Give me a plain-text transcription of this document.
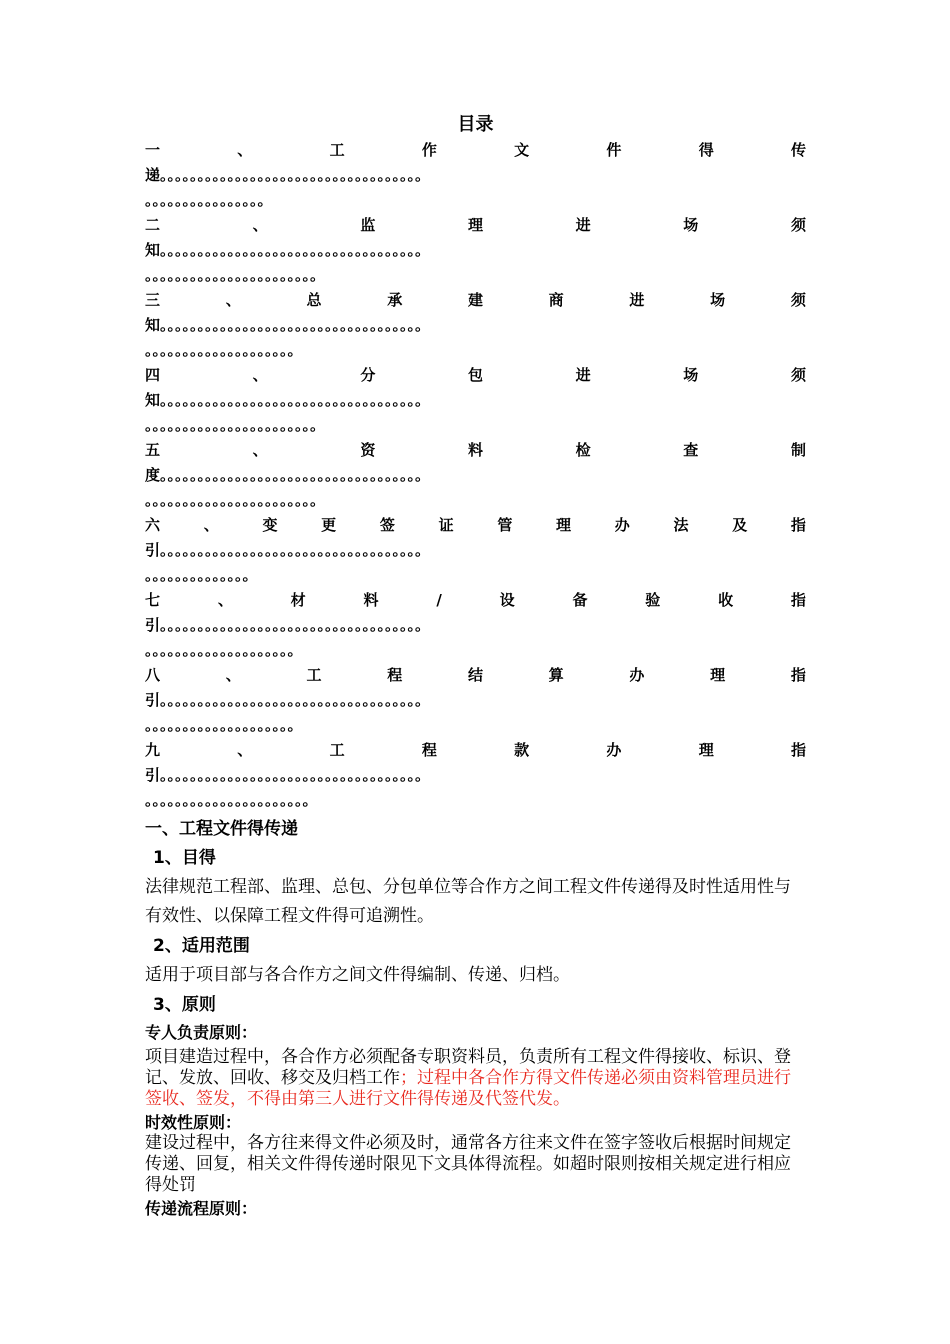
目录
一	、	工	作	文	件	得	传
递。。。。。。。。。。。。。。。。。。。。。。。。。。。。。。。。。。。
。。。。。。。。。。。。。。。。
二	、	监	理	进	场	须
知。。。。。。。。。。。。。。。。。。。。。。。。。。。。。。。。。。。
。。。。。。。。。。。。。。。。。。。。。。。
三	、	总	承	建	商	进	场	须
知。。。。。。。。。。。。。。。。。。。。。。。。。。。。。。。。。。。
。。。。。。。。。。。。。。。。。。。。
四	、	分	包	进	场	须
知。。。。。。。。。。。。。。。。。。。。。。。。。。。。。。。。。。。
。。。。。。。。。。。。。。。。。。。。。。。
五	、	资	料	检	查	制
度。。。。。。。。。。。。。。。。。。。。。。。。。。。。。。。。。。。
。。。。。。。。。。。。。。。。。。。。。。。
六	、	变	更	签	证	管	理	办	法	及	指
引。。。。。。。。。。。。。。。。。。。。。。。。。。。。。。。。。。。
。。。。。。。。。。。。。。
七	、	材	料	/	设	备	验	收	指
引。。。。。。。。。。。。。。。。。。。。。。。。。。。。。。。。。。。
。。。。。。。。。。。。。。。。。。。。
八	、	工	程	结	算	办	理	指
引。。。。。。。。。。。。。。。。。。。。。。。。。。。。。。。。。。。
。。。。。。。。。。。。。。。。。。。。
九	、	工	程	款	办	理	指
引。。。。。。。。。。。。。。。。。。。。。。。。。。。。。。。。。。。
。。。。。。。。。。。。。。。。。。。。。。
一、工程文件得传递
1、目得
法律规范工程部、监理、总包、分包单位等合作方之间工程文件传递得及时性适用性与有效性、以保障工程文件得可追溯性。
2、适用范围
适用于项目部与各合作方之间文件得编制、传递、归档。
3、原则
专人负责原则：
项目建造过程中，各合作方必须配备专职资料员，负责所有工程文件得接收、标识、登记、发放、回收、移交及归档工作；过程中各合作方得文件传递必须由资料管理员进行签收、签发，不得由第三人进行文件得传递及代签代发。
时效性原则：
建设过程中，各方往来得文件必须及时，通常各方往来文件在签字签收后根据时间规定传递、回复，相关文件得传递时限见下文具体得流程。如超时限则按相关规定进行相应得处罚
传递流程原则：
